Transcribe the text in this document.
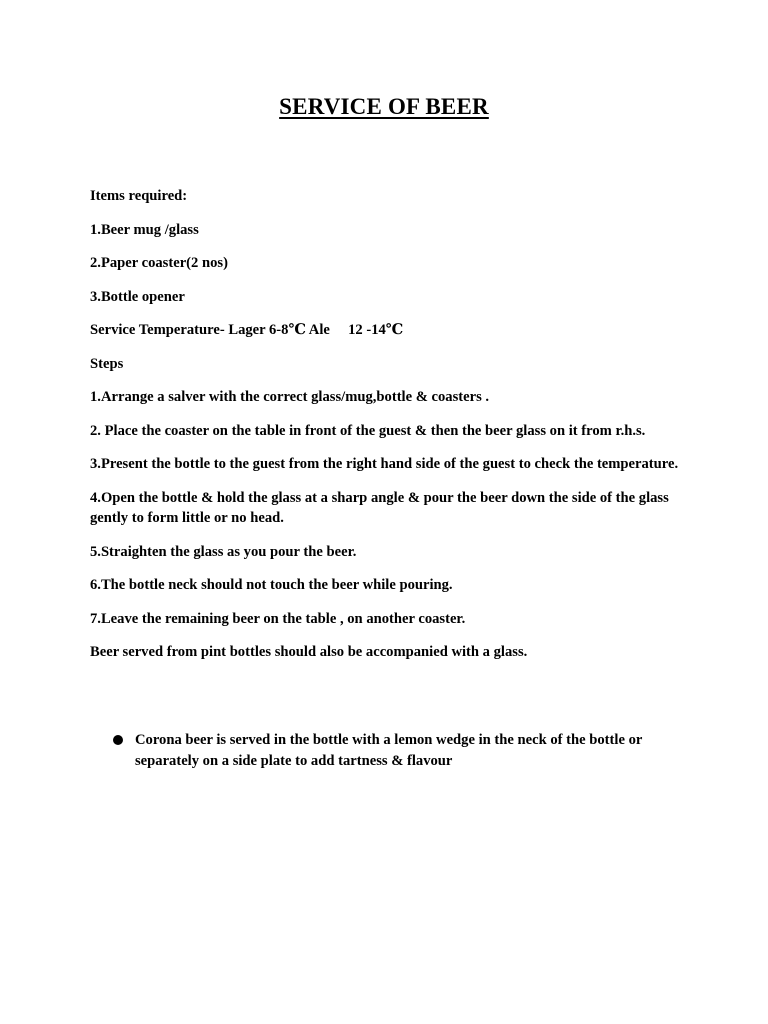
SERVICE OF BEER

Items required:

1.Beer mug /glass

2.Paper coaster(2 nos)

3.Bottle opener

Service Temperature- Lager 6-8℃ Ale     12 -14℃

Steps

1.Arrange a salver with the correct glass/mug,bottle & coasters .

2. Place the coaster on the table in front of the guest & then the beer glass on it from r.h.s.

3.Present the bottle to the guest from the right hand side of the guest to check the temperature.

4.Open the bottle & hold the glass at a sharp angle & pour the beer down the side of the glass gently to form little or no head.

5.Straighten the glass as you pour the beer.

6.The bottle neck should not touch the beer while pouring.

7.Leave the remaining beer on the table , on another coaster.

Beer served from pint bottles should also be accompanied with a glass.

Corona beer is served in the bottle with a lemon wedge in the neck of the bottle or separately on a side plate to add tartness & flavour
